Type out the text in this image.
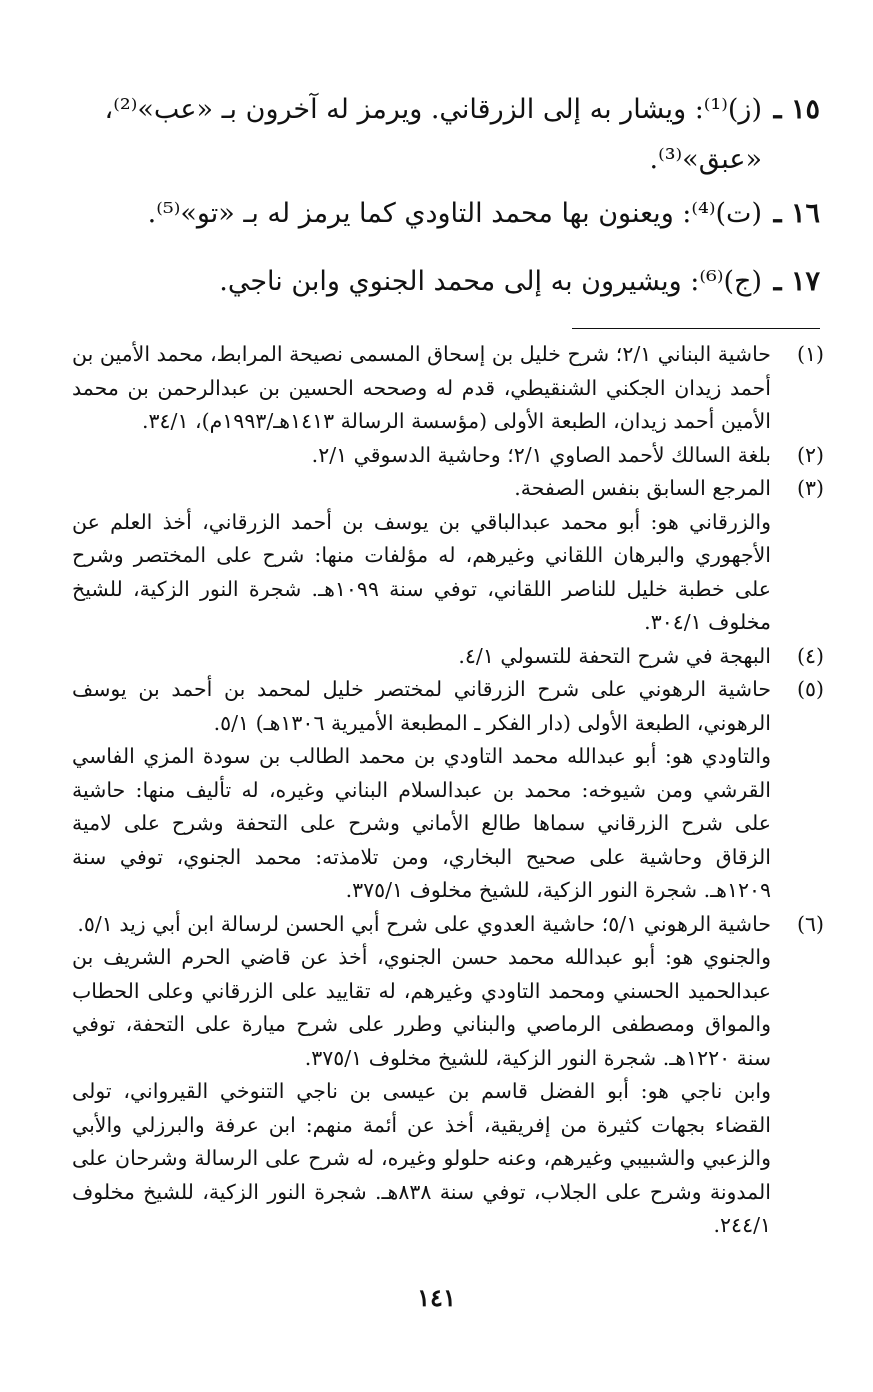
١٥ ـ(ز)⁽¹⁾: ويشار به إلى الزرقاني. ويرمز له آخرون بـ «عب»⁽²⁾،
«عبق»⁽³⁾.
١٦ ـ(ت)⁽⁴⁾: ويعنون بها محمد التاودي كما يرمز له بـ «تو»⁽⁵⁾.
١٧ ـ(ج)⁽⁶⁾: ويشيرون به إلى محمد الجنوي وابن ناجي.
(١)

حاشية البناني ٢/١؛ شرح خليل بن إسحاق المسمى نصيحة المرابط، محمد الأمين بن أحمد زيدان الجكني الشنقيطي، قدم له وصححه الحسين بن عبدالرحمن بن محمد الأمين أحمد زيدان، الطبعة الأولى (مؤسسة الرسالة ١٤١٣هـ/١٩٩٣م)، ٣٤/١.

(٢)

بلغة السالك لأحمد الصاوي ٢/١؛ وحاشية الدسوقي ٢/١.

(٣)

المرجع السابق بنفس الصفحة.

والزرقاني هو: أبو محمد عبدالباقي بن يوسف بن أحمد الزرقاني، أخذ العلم عن الأجهوري والبرهان اللقاني وغيرهم، له مؤلفات منها: شرح على المختصر وشرح على خطبة خليل للناصر اللقاني، توفي سنة ١٠٩٩هـ. شجرة النور الزكية، للشيخ مخلوف ٣٠٤/١.

(٤)

البهجة في شرح التحفة للتسولي ٤/١.

(٥)

حاشية الرهوني على شرح الزرقاني لمختصر خليل لمحمد بن أحمد بن يوسف الرهوني، الطبعة الأولى (دار الفكر ـ المطبعة الأميرية ١٣٠٦هـ) ٥/١.

والتاودي هو: أبو عبدالله محمد التاودي بن محمد الطالب بن سودة المزي الفاسي القرشي ومن شيوخه: محمد بن عبدالسلام البناني وغيره، له تأليف منها: حاشية على شرح الزرقاني سماها طالع الأماني وشرح على التحفة وشرح على لامية الزقاق وحاشية على صحيح البخاري، ومن تلامذته: محمد الجنوي، توفي سنة ١٢٠٩هـ. شجرة النور الزكية، للشيخ مخلوف ٣٧٥/١.

(٦)

حاشية الرهوني ٥/١؛ حاشية العدوي على شرح أبي الحسن لرسالة ابن أبي زيد ٥/١.

والجنوي هو: أبو عبدالله محمد حسن الجنوي، أخذ عن قاضي الحرم الشريف بن عبدالحميد الحسني ومحمد التاودي وغيرهم، له تقاييد على الزرقاني وعلى الحطاب والمواق ومصطفى الرماصي والبناني وطرر على شرح ميارة على التحفة، توفي سنة ١٢٢٠هـ. شجرة النور الزكية، للشيخ مخلوف ٣٧٥/١.

وابن ناجي هو: أبو الفضل قاسم بن عيسى بن ناجي التنوخي القيرواني، تولى القضاء بجهات كثيرة من إفريقية، أخذ عن أئمة منهم: ابن عرفة والبرزلي والأبي والزعبي والشبيبي وغيرهم، وعنه حلولو وغيره، له شرح على الرسالة وشرحان على المدونة وشرح على الجلاب، توفي سنة ٨٣٨هـ. شجرة النور الزكية، للشيخ مخلوف ٢٤٤/١.

١٤١
